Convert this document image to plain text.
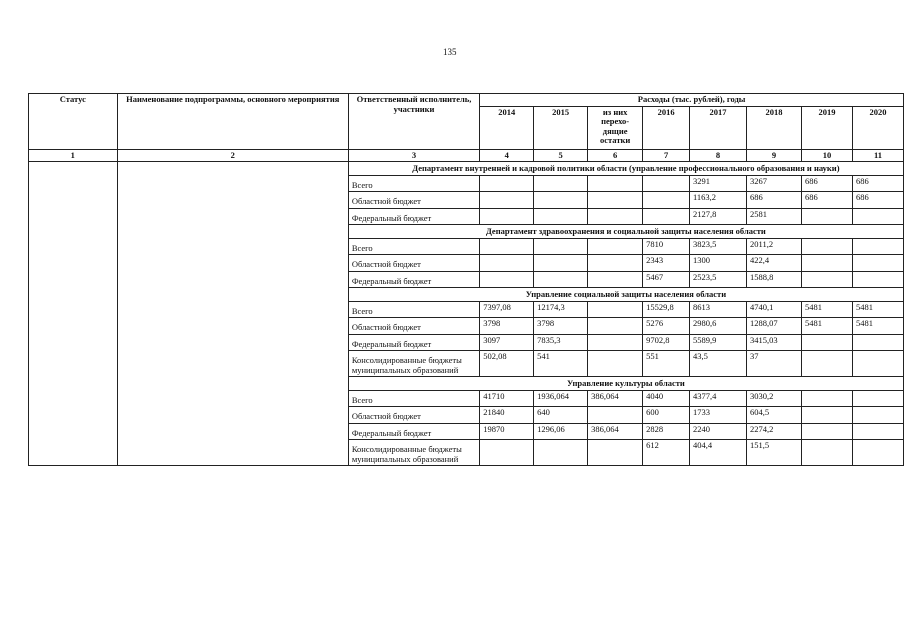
135
Статус	Наименование подпрограммы, основного мероприятия	Ответственный исполнитель, участники	Расходы (тыс. рублей), годы							
			2014	2015	из них перехо-дящие остатки	2016	2017	2018	2019	2020
1	2	3	4	5	6	7	8	9	10	11
		Департамент внутренней и кадровой политики области (управление профессионального образования и науки)								
		Всего					3291	3267	686	686
		Областной бюджет					1163,2	686	686	686
		Федеральный бюджет					2127,8	2581		
		Департамент здравоохранения и социальной защиты населения области								
		Всего				7810	3823,5	2011,2		
		Областной бюджет				2343	1300	422,4		
		Федеральный бюджет				5467	2523,5	1588,8		
		Управление социальной защиты населения области								
		Всего	7397,08	12174,3		15529,8	8613	4740,1	5481	5481
		Областной бюджет	3798	3798		5276	2980,6	1288,07	5481	5481
		Федеральный бюджет	3097	7835,3		9702,8	5589,9	3415,03		
		Консолидированные бюджеты муниципальных образований	502,08	541		551	43,5	37		
		Управление культуры области								
		Всего	41710	1936,064	386,064	4040	4377,4	3030,2		
		Областной бюджет	21840	640		600	1733	604,5		
		Федеральный бюджет	19870	1296,06	386,064	2828	2240	2274,2		
		Консолидированные бюджеты муниципальных образований				612	404,4	151,5		
